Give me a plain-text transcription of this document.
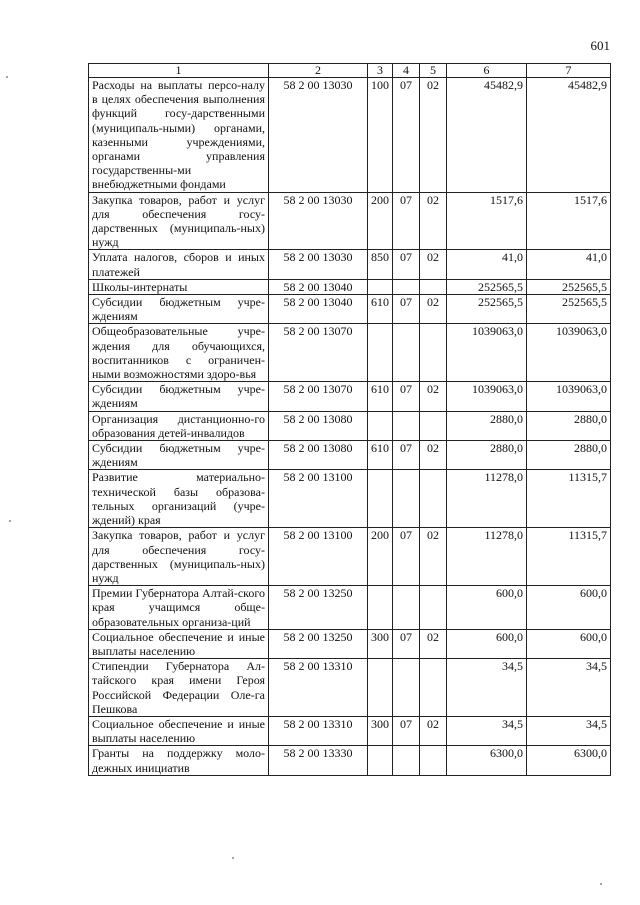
601
1	2	3	4	5	6	7
Расходы на выплаты персо-налу в целях обеспечения выполнения функций госу-дарственными (муниципаль-ными) органами, казенными учреждениями, органами управления государственны-ми внебюджетными фондами	58 2 00 13030	100	07	02	45482,9	45482,9
Закупка товаров, работ и услуг для обеспечения госу-дарственных (муниципаль-ных) нужд	58 2 00 13030	200	07	02	1517,6	1517,6
Уплата налогов, сборов и иных платежей	58 2 00 13030	850	07	02	41,0	41,0
Школы-интернаты	58 2 00 13040				252565,5	252565,5
Субсидии бюджетным учре-ждениям	58 2 00 13040	610	07	02	252565,5	252565,5
Общеобразовательные учре-ждения для обучающихся, воспитанников с ограничен-ными возможностями здоро-вья	58 2 00 13070				1039063,0	1039063,0
Субсидии бюджетным учре-ждениям	58 2 00 13070	610	07	02	1039063,0	1039063,0
Организация дистанционно-го образования детей-инвалидов	58 2 00 13080				2880,0	2880,0
Субсидии бюджетным учре-ждениям	58 2 00 13080	610	07	02	2880,0	2880,0
Развитие материально-технической базы образова-тельных организаций (учре-ждений) края	58 2 00 13100				11278,0	11315,7
Закупка товаров, работ и услуг для обеспечения госу-дарственных (муниципаль-ных) нужд	58 2 00 13100	200	07	02	11278,0	11315,7
Премии Губернатора Алтай-ского края учащимся обще-образовательных организа-ций	58 2 00 13250				600,0	600,0
Социальное обеспечение и иные выплаты населению	58 2 00 13250	300	07	02	600,0	600,0
Стипендии Губернатора Ал-тайского края имени Героя Российской Федерации Оле-га Пешкова	58 2 00 13310				34,5	34,5
Социальное обеспечение и иные выплаты населению	58 2 00 13310	300	07	02	34,5	34,5
Гранты на поддержку моло-дежных инициатив	58 2 00 13330				6300,0	6300,0
